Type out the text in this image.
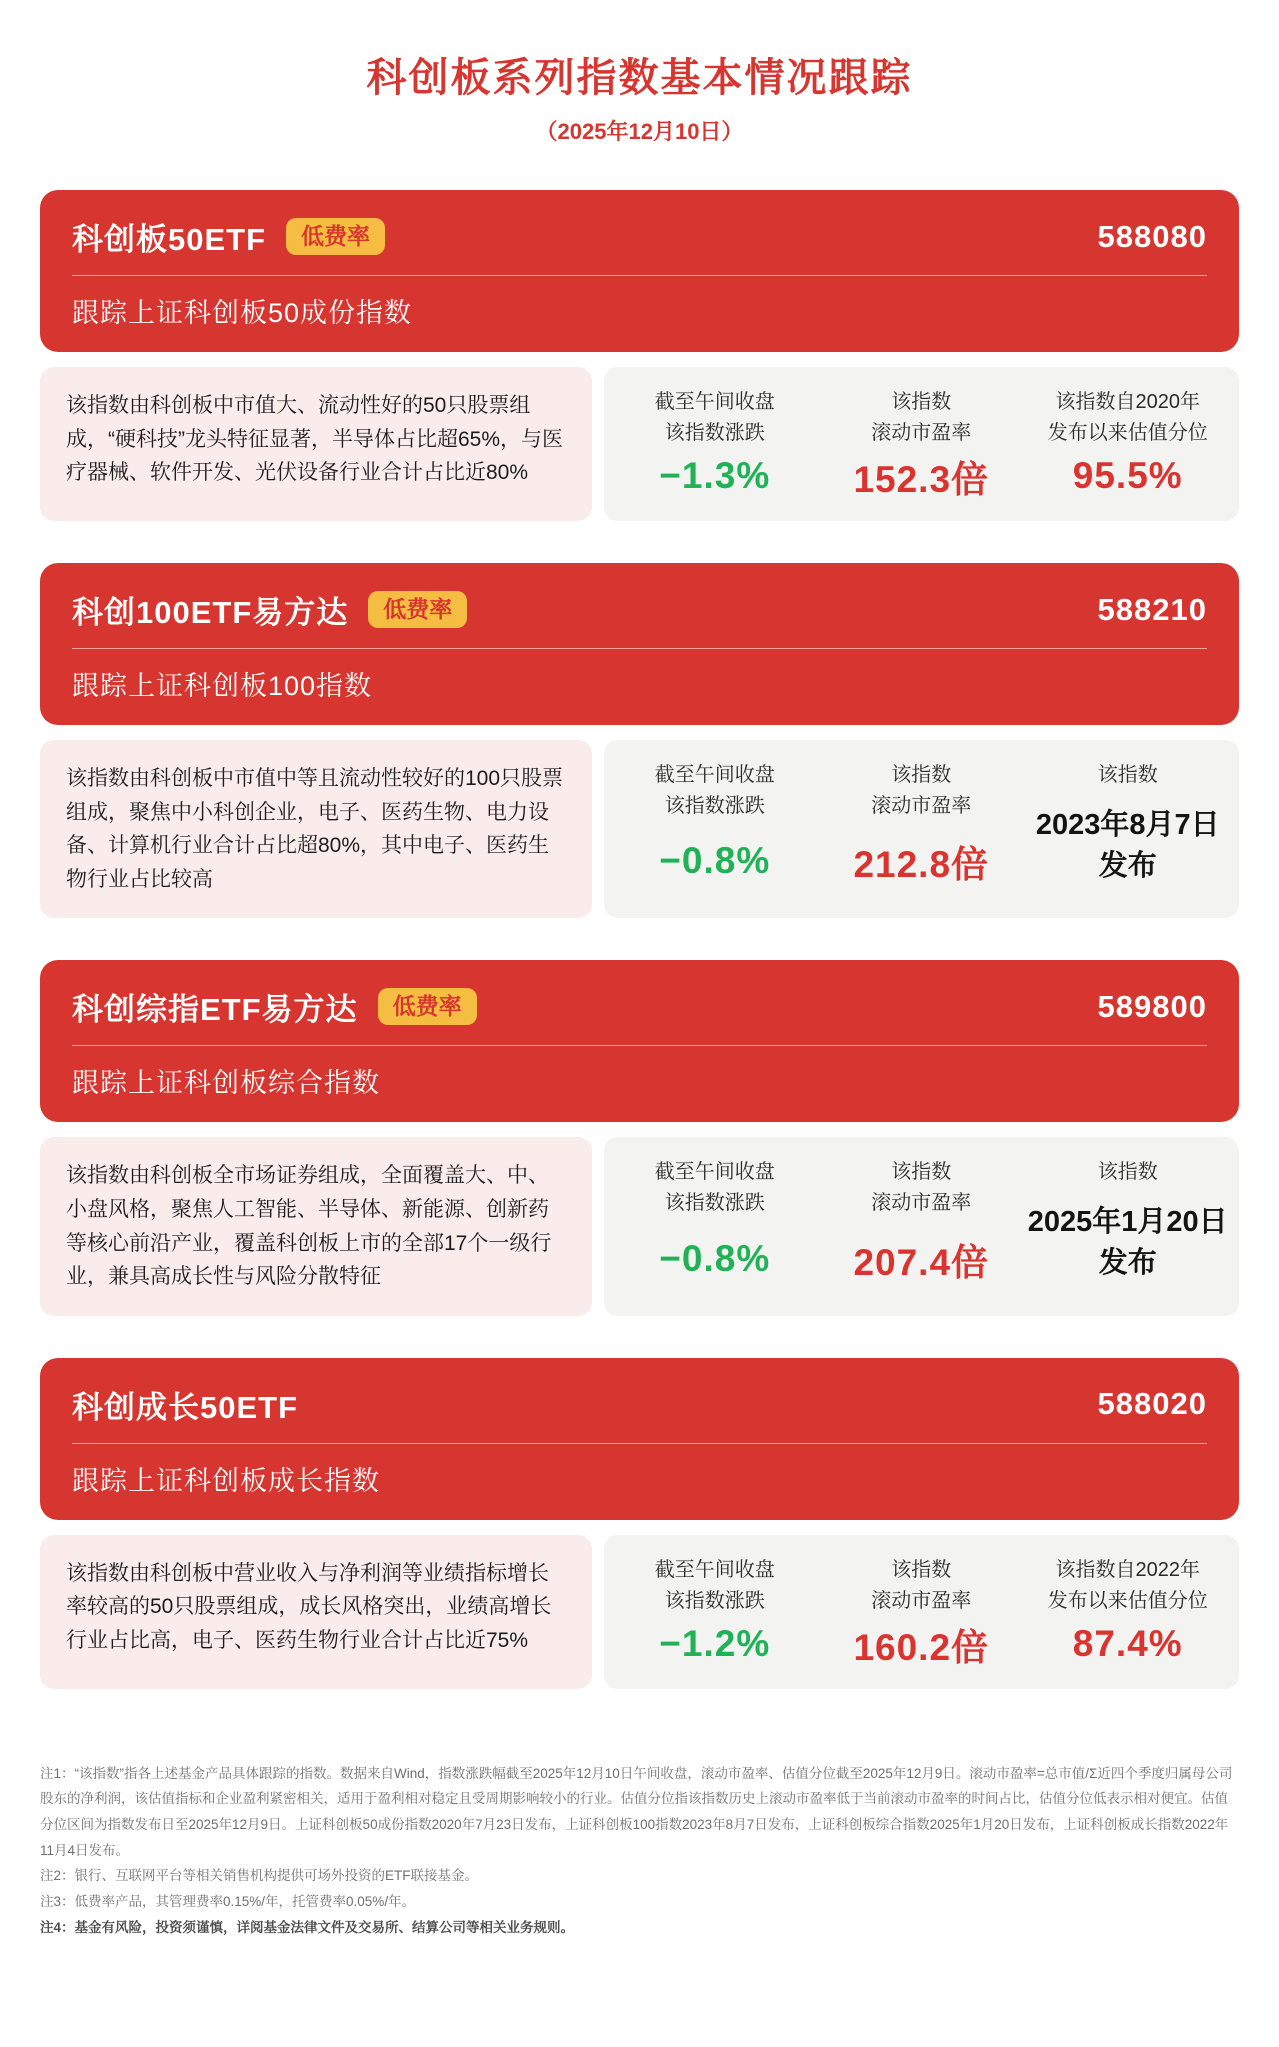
科创板系列指数基本情况跟踪
（2025年12月10日）
科创板50ETF	低费率	588080
跟踪上证科创板50成份指数
该指数由科创板中市值大、流动性好的50只股票组成，“硬科技”龙头特征显著，半导体占比超65%，与医疗器械、软件开发、光伏设备行业合计占比近80%
截至午间收盘
该指数涨跌
−1.3%
该指数
滚动市盈率
152.3倍
该指数自2020年
发布以来估值分位
95.5%
科创100ETF易方达	低费率	588210
跟踪上证科创板100指数
该指数由科创板中市值中等且流动性较好的100只股票组成，聚焦中小科创企业，电子、医药生物、电力设备、计算机行业合计占比超80%，其中电子、医药生物行业占比较高
截至午间收盘
该指数涨跌
−0.8%
该指数
滚动市盈率
212.8倍
该指数
2023年8月7日
发布
科创综指ETF易方达	低费率	589800
跟踪上证科创板综合指数
该指数由科创板全市场证券组成，全面覆盖大、中、小盘风格，聚焦人工智能、半导体、新能源、创新药等核心前沿产业，覆盖科创板上市的全部17个一级行业，兼具高成长性与风险分散特征
截至午间收盘
该指数涨跌
−0.8%
该指数
滚动市盈率
207.4倍
该指数
2025年1月20日
发布
科创成长50ETF	588020
跟踪上证科创板成长指数
该指数由科创板中营业收入与净利润等业绩指标增长率较高的50只股票组成，成长风格突出，业绩高增长行业占比高，电子、医药生物行业合计占比近75%
截至午间收盘
该指数涨跌
−1.2%
该指数
滚动市盈率
160.2倍
该指数自2022年
发布以来估值分位
87.4%

注1：“该指数”指各上述基金产品具体跟踪的指数。数据来自Wind，指数涨跌幅截至2025年12月10日午间收盘，滚动市盈率、估值分位截至2025年12月9日。滚动市盈率=总市值/Σ近四个季度归属母公司股东的净利润，该估值指标和企业盈利紧密相关，适用于盈利相对稳定且受周期影响较小的行业。估值分位指该指数历史上滚动市盈率低于当前滚动市盈率的时间占比，估值分位低表示相对便宜。估值分位区间为指数发布日至2025年12月9日。上证科创板50成份指数2020年7月23日发布，上证科创板100指数2023年8月7日发布，上证科创板综合指数2025年1月20日发布，上证科创板成长指数2022年11月4日发布。

注2：银行、互联网平台等相关销售机构提供可场外投资的ETF联接基金。

注3：低费率产品，其管理费率0.15%/年，托管费率0.05%/年。

注4：基金有风险，投资须谨慎，详阅基金法律文件及交易所、结算公司等相关业务规则。
